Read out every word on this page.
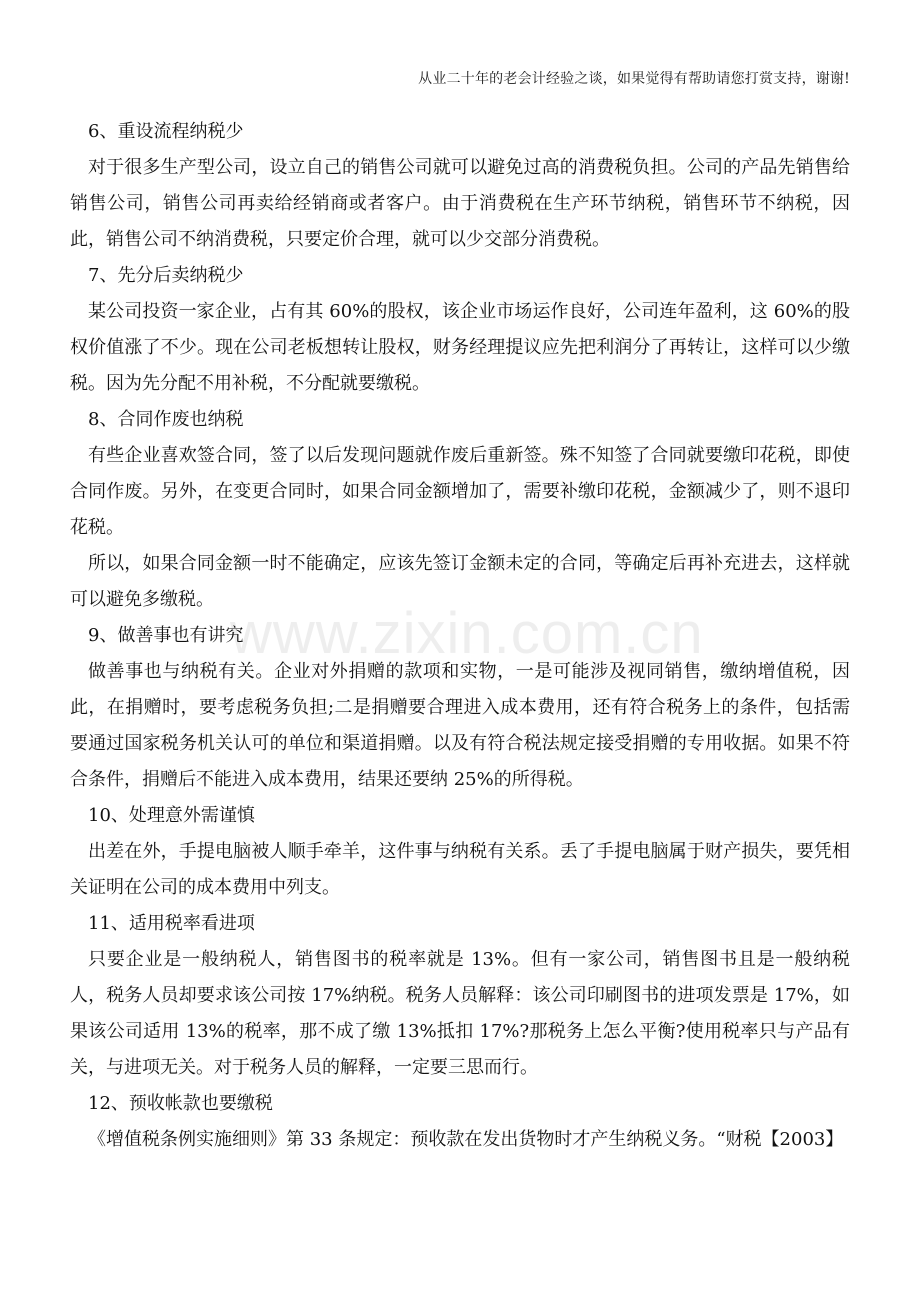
从业二十年的老会计经验之谈，如果觉得有帮助请您打赏支持，谢谢!
www.zixin.com.cn

6、重设流程纳税少

对于很多生产型公司，设立自己的销售公司就可以避免过高的消费税负担。公司的产品先销售给销售公司，销售公司再卖给经销商或者客户。由于消费税在生产环节纳税，销售环节不纳税，因此，销售公司不纳消费税，只要定价合理，就可以少交部分消费税。

7、先分后卖纳税少

某公司投资一家企业，占有其 60%的股权，该企业市场运作良好，公司连年盈利，这 60%的股权价值涨了不少。现在公司老板想转让股权，财务经理提议应先把利润分了再转让，这样可以少缴税。因为先分配不用补税，不分配就要缴税。

8、合同作废也纳税

有些企业喜欢签合同，签了以后发现问题就作废后重新签。殊不知签了合同就要缴印花税，即使合同作废。另外，在变更合同时，如果合同金额增加了，需要补缴印花税，金额减少了，则不退印花税。

所以，如果合同金额一时不能确定，应该先签订金额未定的合同，等确定后再补充进去，这样就可以避免多缴税。

9、做善事也有讲究

做善事也与纳税有关。企业对外捐赠的款项和实物，一是可能涉及视同销售，缴纳增值税，因此，在捐赠时，要考虑税务负担;二是捐赠要合理进入成本费用，还有符合税务上的条件，包括需要通过国家税务机关认可的单位和渠道捐赠。以及有符合税法规定接受捐赠的专用收据。如果不符合条件，捐赠后不能进入成本费用，结果还要纳 25%的所得税。

10、处理意外需谨慎

出差在外，手提电脑被人顺手牵羊，这件事与纳税有关系。丢了手提电脑属于财产损失，要凭相关证明在公司的成本费用中列支。

11、适用税率看进项

只要企业是一般纳税人，销售图书的税率就是 13%。但有一家公司，销售图书且是一般纳税人，税务人员却要求该公司按 17%纳税。税务人员解释：该公司印刷图书的进项发票是 17%，如果该公司适用 13%的税率，那不成了缴 13%抵扣 17%?那税务上怎么平衡?使用税率只与产品有关，与进项无关。对于税务人员的解释，一定要三思而行。

12、预收帐款也要缴税

《增值税条例实施细则》第 33 条规定：预收款在发出货物时才产生纳税义务。“财税【2003】
